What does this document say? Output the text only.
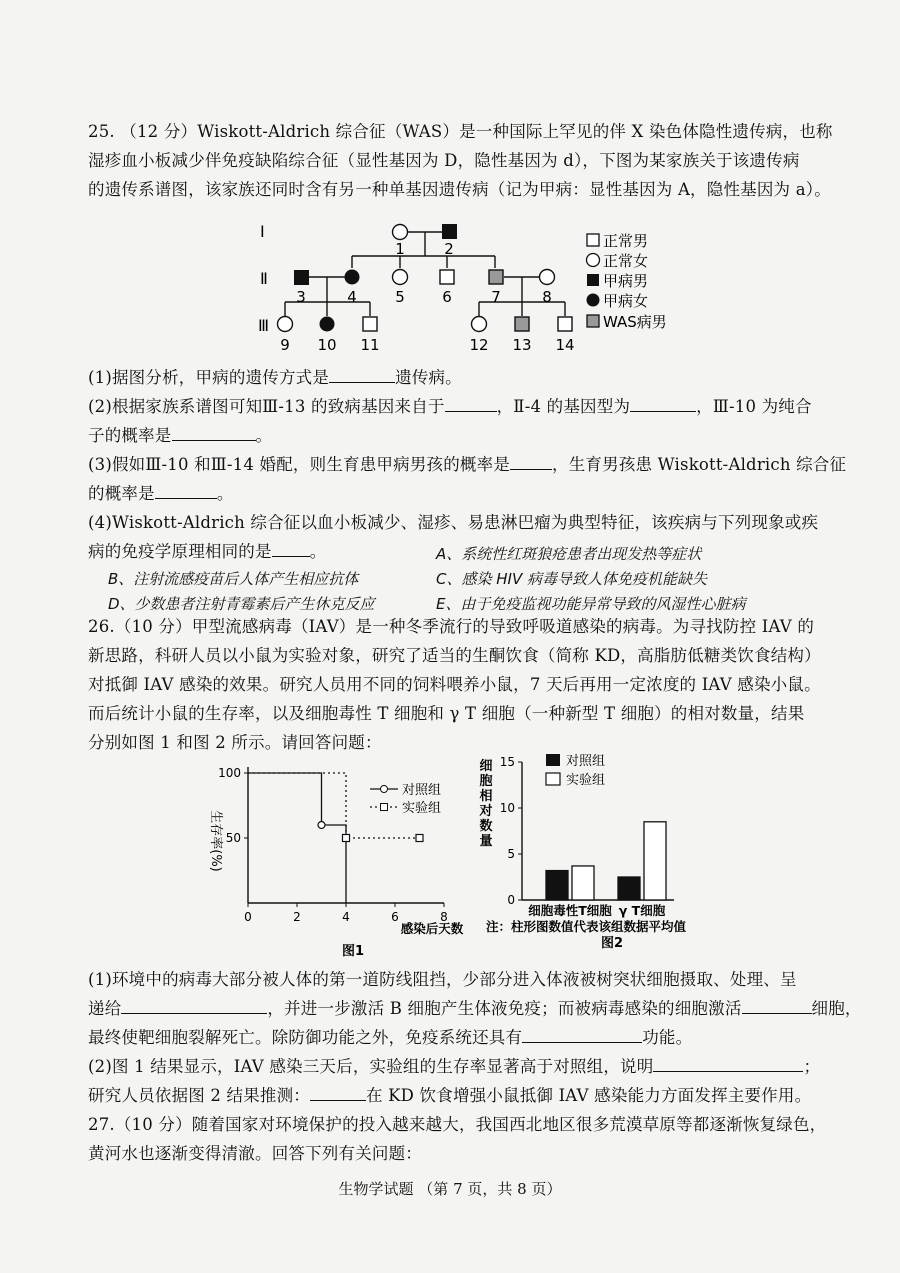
25. （12 分）Wiskott-Aldrich 综合征（WAS）是一种国际上罕见的伴 X 染色体隐性遗传病，也称
湿疹血小板减少伴免疫缺陷综合征（显性基因为 D，隐性基因为 d），下图为某家族关于该遗传病
的遗传系谱图，该家族还同时含有另一种单基因遗传病（记为甲病：显性基因为 A，隐性基因为 a）。
I
Ⅱ
Ⅲ
1	2
3	4	5 6	7	8
9 10 11	12 13 14
正常男
正常女
甲病男
甲病女
WAS病男
(1)据图分析，甲病的遗传方式是	遗传病。
(2)根据家族系谱图可知Ⅲ-13 的致病基因来自于	，Ⅱ-4 的基因型为	，Ⅲ-10 为纯合
子的概率是	。
(3)假如Ⅲ-10 和Ⅲ-14 婚配，则生育患甲病男孩的概率是	，生育男孩患 Wiskott-Aldrich 综合征
的概率是	。
(4)Wiskott-Aldrich 综合征以血小板减少、湿疹、易患淋巴瘤为典型特征，该疾病与下列现象或疾
病的免疫学原理相同的是 。	A、系统性红斑狼疮患者出现发热等症状
B、注射流感疫苗后人体产生相应抗体	C、感染 HIV 病毒导致人体免疫机能缺失
D、少数患者注射青霉素后产生休克反应	E、由于免疫监视功能异常导致的风湿性心脏病
26.（10 分）甲型流感病毒（IAV）是一种冬季流行的导致呼吸道感染的病毒。为寻找防控 IAV 的
新思路，科研人员以小鼠为实验对象，研究了适当的生酮饮食（简称 KD，高脂肪低糖类饮食结构）
对抵御 IAV 感染的效果。研究人员用不同的饲料喂养小鼠，7 天后再用一定浓度的 IAV 感染小鼠。
而后统计小鼠的生存率，以及细胞毒性 T 细胞和 γ T 细胞（一种新型 T 细胞）的相对数量，结果
分别如图 1 和图 2 所示。请回答问题：
0	2	4	6	8
50
100
生存率(%)
感染后天数
图1
对照组
实验组
0
5
10
15
细胞相对数量
细胞毒性T细胞 γ T细胞
对照组
实验组
注：柱形图数值代表该组数据平均值
图2
(1)环境中的病毒大部分被人体的第一道防线阻挡，少部分进入体液被树突状细胞摄取、处理、呈
递给	，并进一步激活 B 细胞产生体液免疫；而被病毒感染的细胞激活	细胞，
最终使靶细胞裂解死亡。除防御功能之外，免疫系统还具有	功能。
(2)图 1 结果显示，IAV 感染三天后，实验组的生存率显著高于对照组，说明	；
研究人员依据图 2 结果推测：	在 KD 饮食增强小鼠抵御 IAV 感染能力方面发挥主要作用。
27.（10 分）随着国家对环境保护的投入越来越大，我国西北地区很多荒漠草原等都逐渐恢复绿色，
黄河水也逐渐变得清澈。回答下列有关问题：
生物学试题 （第 7 页，共 8 页）
